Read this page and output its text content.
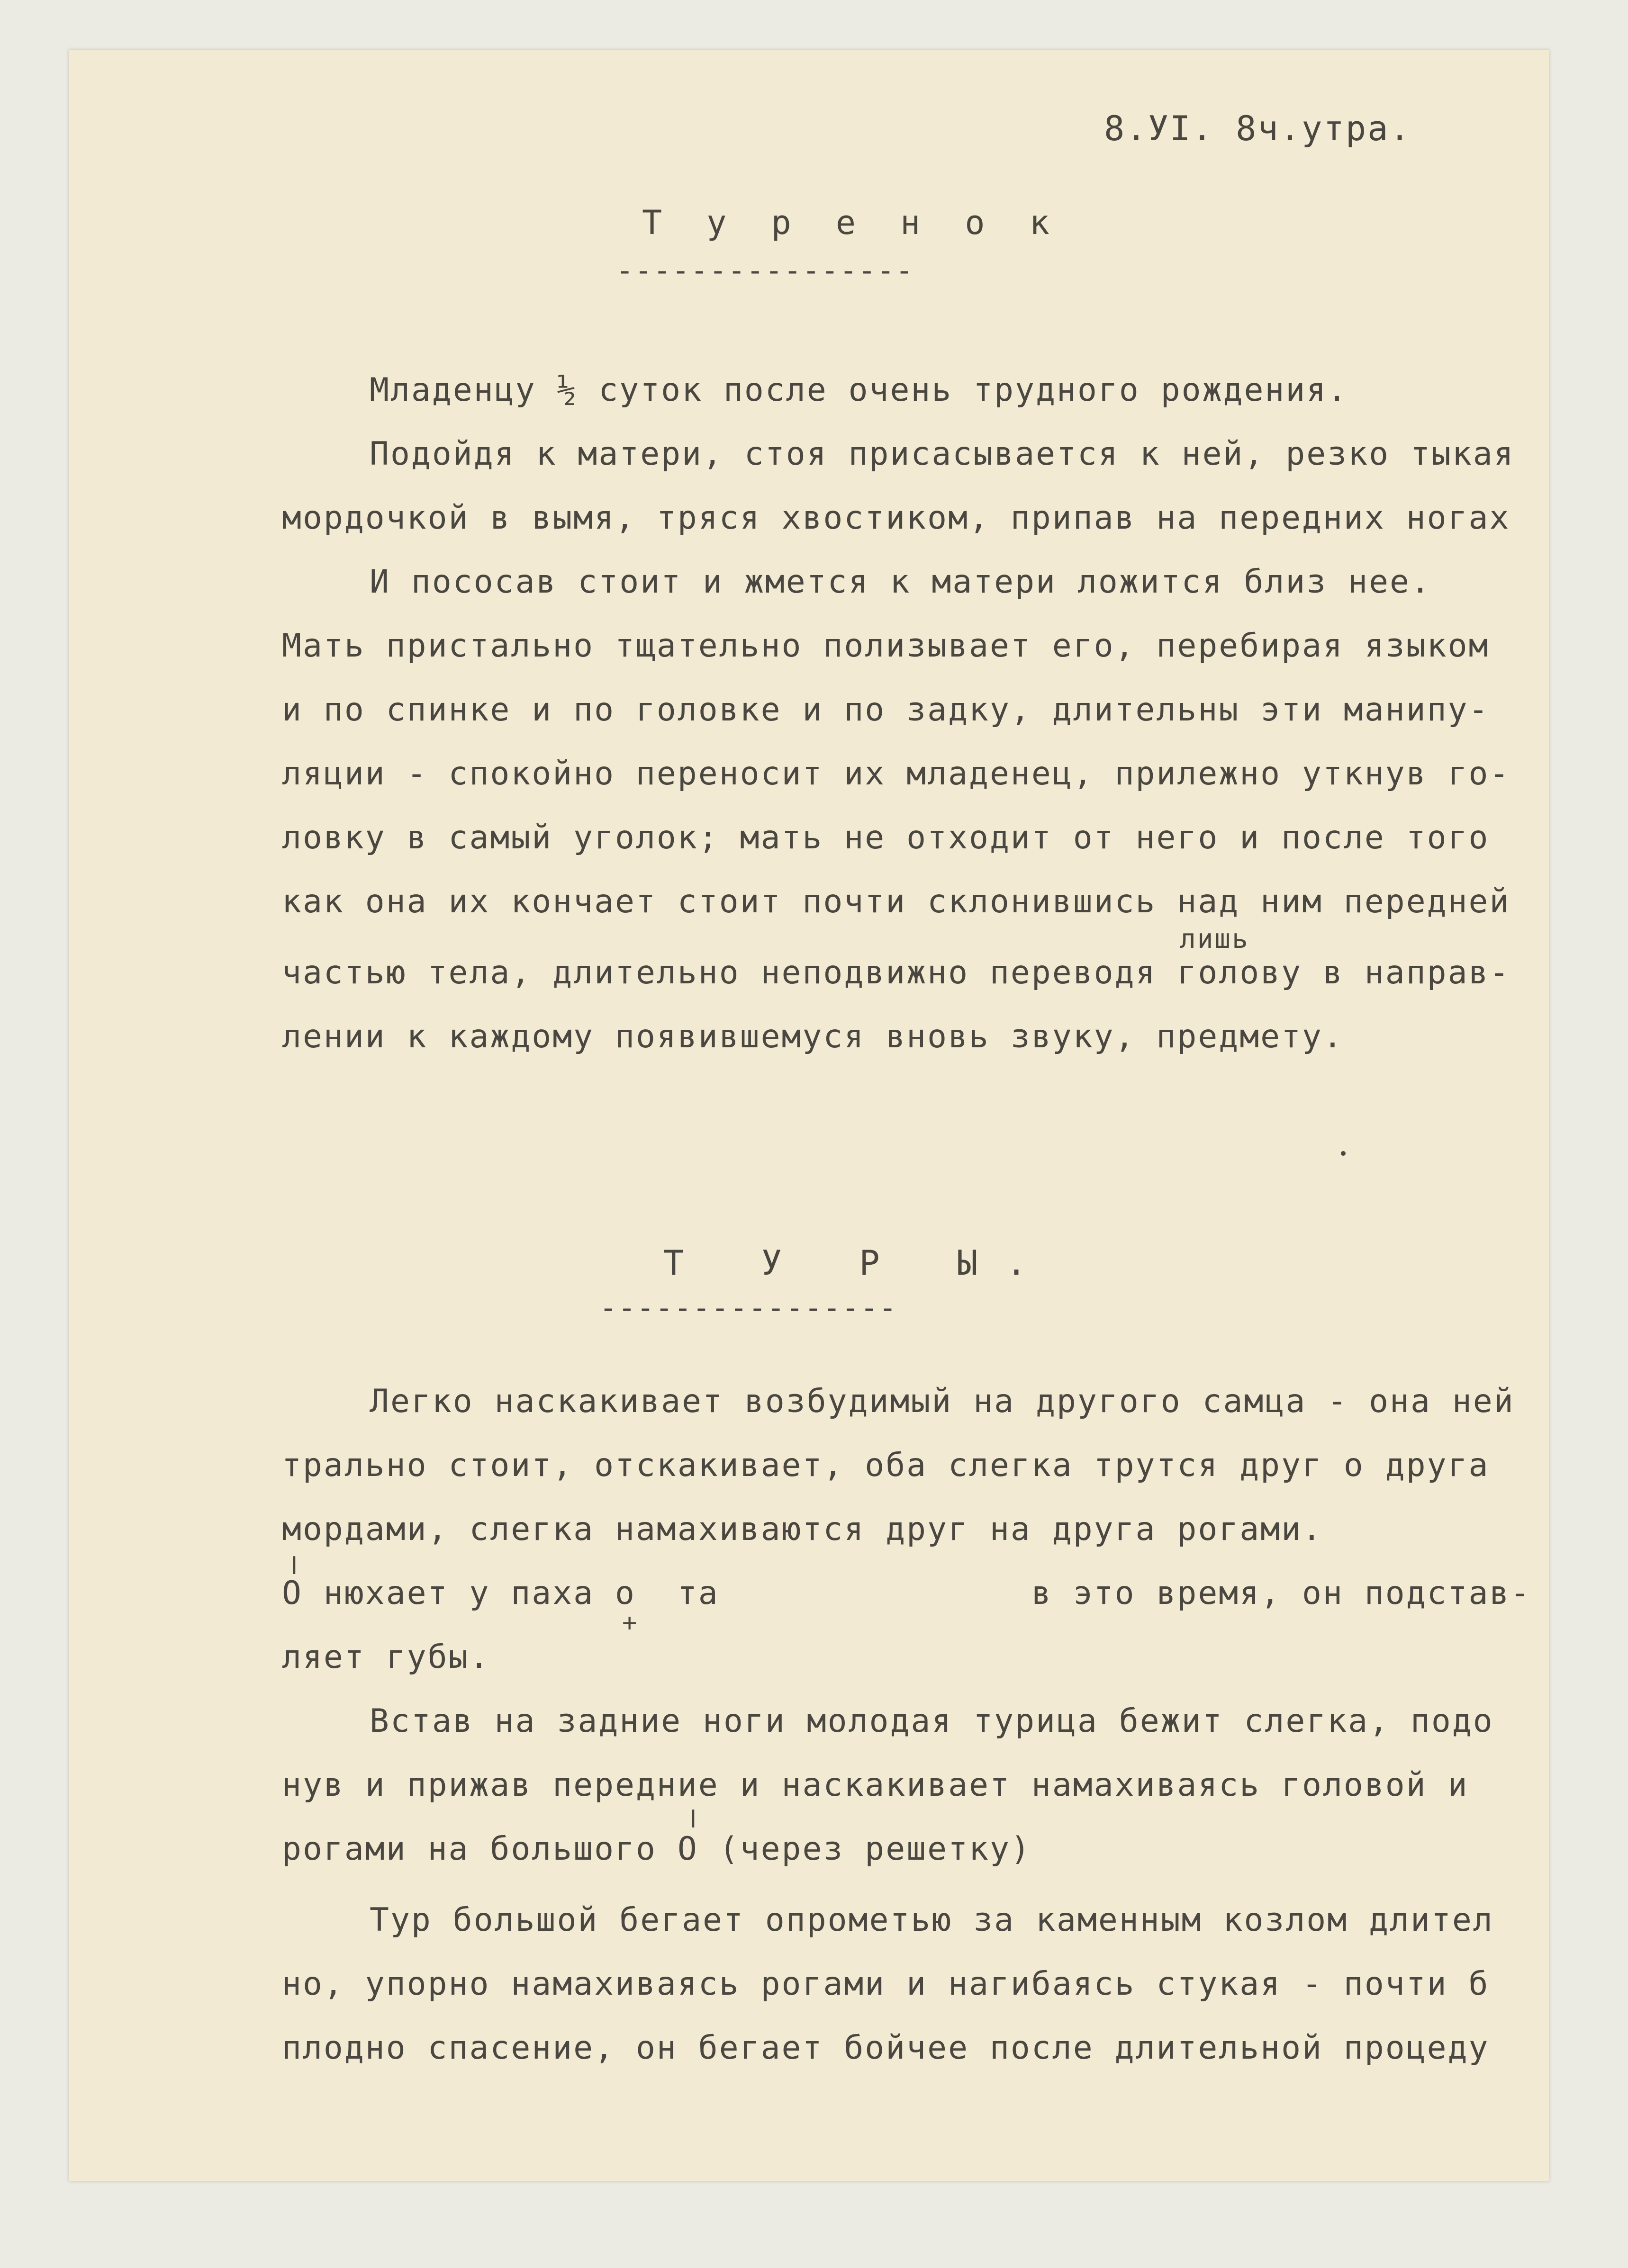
8.УI. 8ч.утра.
Т у р е н о к
----------------
Младенцу ½ суток после очень трудного рождения.
Подойдя к матери, стоя присасывается к ней, резко тыкая
мордочкой в вымя, тряся хвостиком, припав на передних ногах
И пососав стоит и жмется к матери ложится близ нее.
Мать пристально тщательно полизывает его, перебирая языком
и по спинке и по головке и по задку, длительны эти манипу-
ляции - спокойно переносит их младенец, прилежно уткнув го-
ловку в самый уголок; мать не отходит от него и после того
как она их кончает стоит почти склонившись над ним передней
лишь
частью тела, длительно неподвижно переводя голову в направ-
лении к каждому появившемуся вновь звуку, предмету.
Т У Р Ы.
----------------
Легко наскакивает возбудимый на другого самца - она ней
трально стоит, отскакивает, оба слегка трутся друг о друга
мордами, слегка намахиваются друг на друга рогами.
ǀ
О нюхает у паха о  та               в это время, он подстав-
+
ляет губы.
Встав на задние ноги молодая турица бежит слегка, подо
нув и прижав передние и наскакивает намахиваясь головой и
ǀ
рогами на большого О (через решетку)
Тур большой бегает опрометью за каменным козлом длител
но, упорно намахиваясь рогами и нагибаясь стукая - почти б
плодно спасение, он бегает бойчее после длительной процеду
